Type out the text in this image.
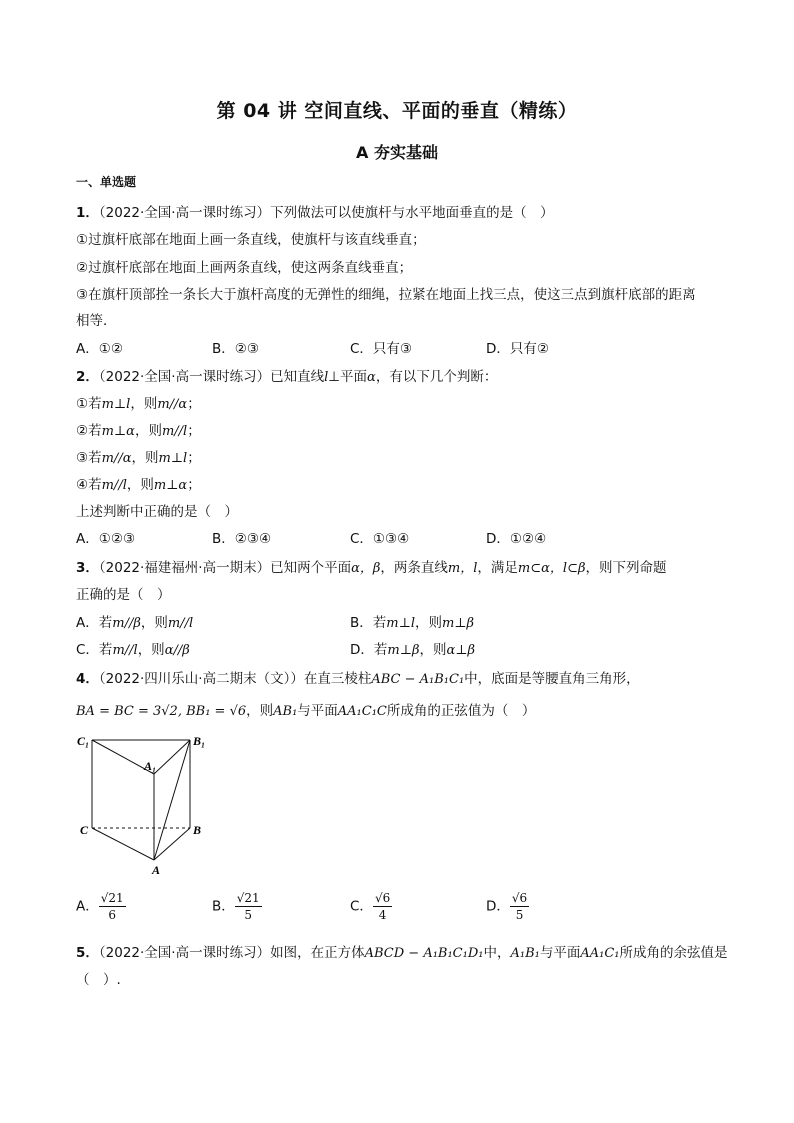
第 04 讲 空间直线、平面的垂直（精练）
A 夯实基础
一、单选题
1．（2022·全国·高一课时练习）下列做法可以使旗杆与水平地面垂直的是（　）
①过旗杆底部在地面上画一条直线，使旗杆与该直线垂直；
②过旗杆底部在地面上画两条直线，使这两条直线垂直；
③在旗杆顶部拴一条长大于旗杆高度的无弹性的细绳，拉紧在地面上找三点，使这三点到旗杆底部的距离
相等．
A．①②	B．②③	C．只有③	D．只有②
2．（2022·全国·高一课时练习）已知直线l⊥平面α，有以下几个判断：
①若m⊥l，则m//α；
②若m⊥α，则m//l；
③若m//α，则m⊥l；
④若m//l，则m⊥α；
上述判断中正确的是（　）
A．①②③	B．②③④	C．①③④	D．①②④
3．（2022·福建福州·高一期末）已知两个平面α，β，两条直线m，l，满足m⊂α，l⊂β，则下列命题
正确的是（　）
A．若m//β，则m//l	B．若m⊥l，则m⊥β
C．若m//l，则α//β	D．若m⊥β，则α⊥β
4．（2022·四川乐山·高二期末（文））在直三棱柱ABC − A₁B₁C₁中，底面是等腰直角三角形，
BA = BC = 3√2, BB₁ = √6，则AB₁与平面AA₁C₁C所成角的正弦值为（　）
C₁	B₁
A₁
C	B
A
A． $\frac{√21}{6}$	B． $\frac{√21}{5}$	C． $\frac{√6}{4}$	D． $\frac{√6}{5}$
5．（2022·全国·高一课时练习）如图，在正方体ABCD − A₁B₁C₁D₁中，A₁B₁与平面AA₁C₁所成角的余弦值是
（　）.
